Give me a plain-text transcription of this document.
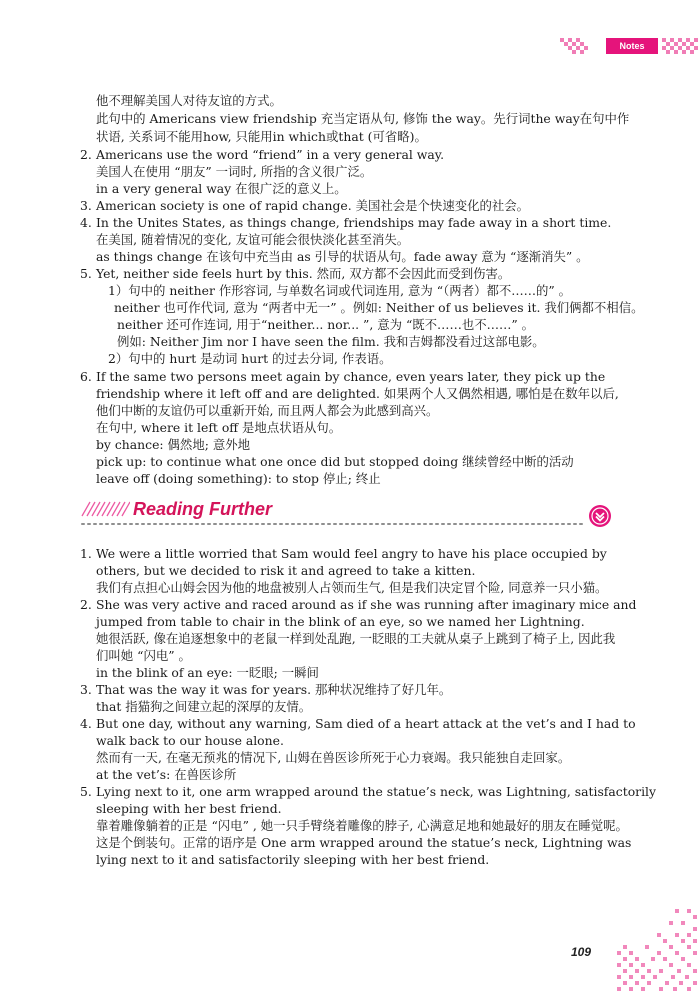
Notes
他不理解美国人对待友谊的方式。
此句中的 Americans view friendship 充当定语从句, 修饰 the way。先行词the way在句中作
状语, 关系词不能用how, 只能用in which或that (可省略)。
2. Americans use the word “friend” in a very general way.
美国人在使用 “朋友” 一词时, 所指的含义很广泛。
in a very general way 在很广泛的意义上。
3. American society is one of rapid change. 美国社会是个快速变化的社会。
4. In the Unites States, as things change, friendships may fade away in a short time.
在美国, 随着情况的变化, 友谊可能会很快淡化甚至消失。
as things change 在该句中充当由 as 引导的状语从句。fade away 意为 “逐渐消失” 。
5. Yet, neither side feels hurt by this. 然而, 双方都不会因此而受到伤害。
1）句中的 neither 作形容词, 与单数名词或代词连用, 意为 “（两者）都不……的” 。
neither 也可作代词, 意为 “两者中无一” 。例如: Neither of us believes it. 我们俩都不相信。
neither 还可作连词, 用于“neither... nor... ”, 意为 “既不……也不……” 。
例如: Neither Jim nor I have seen the film. 我和吉姆都没看过这部电影。
2）句中的 hurt 是动词 hurt 的过去分词, 作表语。
6. If the same two persons meet again by chance, even years later, they pick up the
friendship where it left off and are delighted. 如果两个人又偶然相遇, 哪怕是在数年以后,
他们中断的友谊仍可以重新开始, 而且两人都会为此感到高兴。
在句中, where it left off 是地点状语从句。
by chance: 偶然地; 意外地
pick up: to continue what one once did but stopped doing 继续曾经中断的活动
leave off (doing something): to stop 停止; 终止
Reading Further
1. We were a little worried that Sam would feel angry to have his place occupied by
others, but we decided to risk it and agreed to take a kitten.
我们有点担心山姆会因为他的地盘被别人占领而生气, 但是我们决定冒个险, 同意养一只小猫。
2. She was very active and raced around as if she was running after imaginary mice and
jumped from table to chair in the blink of an eye, so we named her Lightning.
她很活跃, 像在追逐想象中的老鼠一样到处乱跑, 一眨眼的工夫就从桌子上跳到了椅子上, 因此我
们叫她 “闪电” 。
in the blink of an eye: 一眨眼; 一瞬间
3. That was the way it was for years. 那种状况维持了好几年。
that 指猫狗之间建立起的深厚的友情。
4. But one day, without any warning, Sam died of a heart attack at the vet’s and I had to
walk back to our house alone.
然而有一天, 在毫无预兆的情况下, 山姆在兽医诊所死于心力衰竭。我只能独自走回家。
at the vet’s: 在兽医诊所
5. Lying next to it, one arm wrapped around the statue’s neck, was Lightning, satisfactorily
sleeping with her best friend.
靠着雕像躺着的正是 “闪电” , 她一只手臂绕着雕像的脖子, 心满意足地和她最好的朋友在睡觉呢。
这是个倒装句。正常的语序是 One arm wrapped around the statue’s neck, Lightning was
lying next to it and satisfactorily sleeping with her best friend.
109
